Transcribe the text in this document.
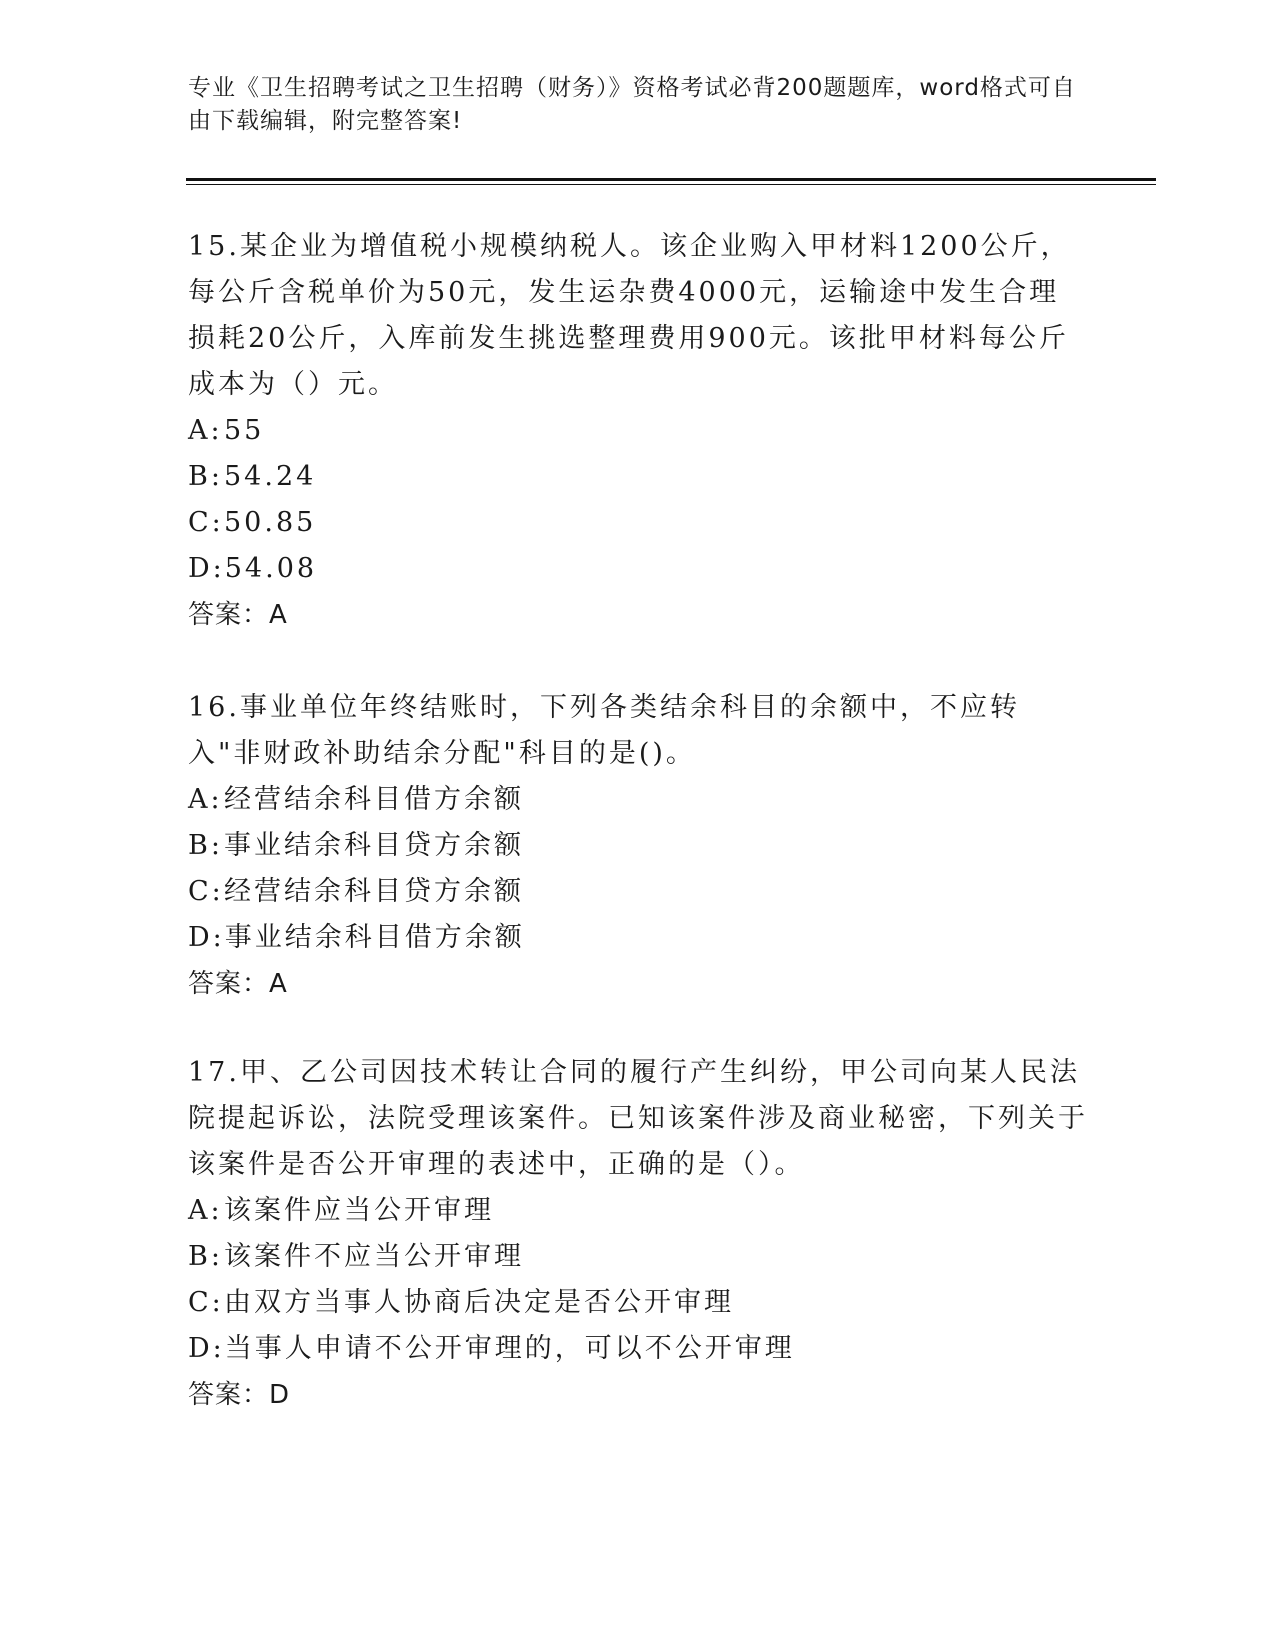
专业《卫生招聘考试之卫生招聘（财务）》资格考试必背200题题库，word格式可自由下载编辑，附完整答案!

15.某企业为增值税小规模纳税人。该企业购入甲材料1200公斤，每公斤含税单价为50元，发生运杂费4000元，运输途中发生合理损耗20公斤，入库前发生挑选整理费用900元。该批甲材料每公斤成本为（）元。

A:55

B:54.24

C:50.85

D:54.08

答案：A

16.事业单位年终结账时，下列各类结余科目的余额中，不应转入"非财政补助结余分配"科目的是()。

A:经营结余科目借方余额

B:事业结余科目贷方余额

C:经营结余科目贷方余额

D:事业结余科目借方余额

答案：A

17.甲、乙公司因技术转让合同的履行产生纠纷，甲公司向某人民法院提起诉讼，法院受理该案件。已知该案件涉及商业秘密，下列关于该案件是否公开审理的表述中，正确的是（）。

A:该案件应当公开审理

B:该案件不应当公开审理

C:由双方当事人协商后决定是否公开审理

D:当事人申请不公开审理的，可以不公开审理

答案：D
